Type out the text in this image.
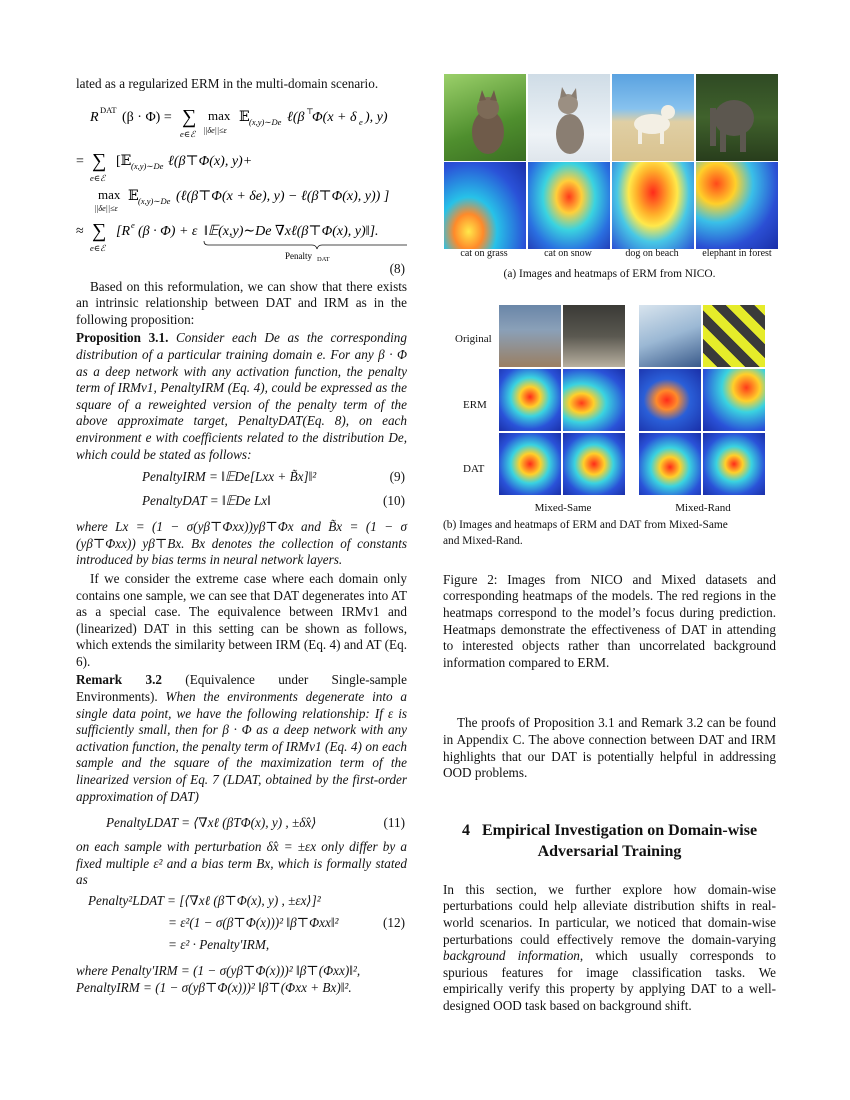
lated as a regularized ERM in the multi-domain scenario.

R DAT (β · Φ) = ∑
e∈ℰ
max
||δe||≤ε
𝔼 (x,y)∼De ℓ(β ⊤
Φ(x + δ e ), y)
= ∑
e∈ℰ
[𝔼 (x,y)∼De ℓ(β⊤Φ(x), y)+
max
||δe||≤ε
𝔼 (x,y)∼De (ℓ(β⊤Φ(x + δe), y) − ℓ(β⊤Φ(x), y)) ]
≈ ∑
e∈ℰ
[R e (β · Φ) + ε ‖𝔼(x,y)∼De ∇xℓ(β⊤Φ(x), y)‖].
Penalty DAT
(8)

Based on this reformulation, we can show that there exists an intrinsic relationship between DAT and IRM as in the following proposition:

Proposition 3.1. Consider each De as the corresponding distribution of a particular training domain e. For any β · Φ as a deep network with any activation function, the penalty term of IRMv1, PenaltyIRM (Eq. 4), could be expressed as the square of a reweighted version of the penalty term of the above approximate target, PenaltyDAT(Eq. 8), on each environment e with coefficients related to the distribution De, which could be stated as follows:

PenaltyIRM = ‖𝔼De[Lxx + B̃x]‖²	(9)
PenaltyDAT = ‖𝔼De Lx‖	(10)

where Lx = (1 − σ(yβ⊤Φxx))yβ⊤Φx and B̃x = (1 − σ (yβ⊤Φxx)) yβ⊤Bx. Bx denotes the collection of constants introduced by bias terms in neural network layers.

If we consider the extreme case where each domain only contains one sample, we can see that DAT degenerates into AT as a special case. The equivalence between IRMv1 and (linearized) DAT in this setting can be shown as follows, which extends the similarity between IRM (Eq. 4) and AT (Eq. 6).

Remark 3.2 (Equivalence under Single-sample Environments). When the environments degenerate into a single data point, we have the following relationship: If ε is sufficiently small, then for β · Φ as a deep network with any activation function, the penalty term of IRMv1 (Eq. 4) on each sample and the square of the maximization term of the linearized version of Eq. 7 (LDAT, obtained by the first-order approximation of DAT)

PenaltyLDAT = ⟨∇xℓ (βTΦ(x), y) , ±δ̂x⟩	(11)

on each sample with perturbation δ̂x = ±εx only differ by a fixed multiple ε² and a bias term Bx, which is formally stated as

Penalty²LDAT = [⟨∇xℓ (β⊤Φ(x), y) , ±εx⟩]²
= ε²(1 − σ(β⊤Φ(x)))² ‖β⊤Φxx‖²
= ε² · Penalty′IRM,
(12)

where Penalty′IRM = (1 − σ(yβ⊤Φ(x)))² ‖β⊤(Φxx)‖²,

PenaltyIRM = (1 − σ(yβ⊤Φ(x)))² ‖β⊤(Φxx + Bx)‖².

cat on grass	cat on snow	dog on beach	elephant in forest
(a) Images and heatmaps of ERM from NICO.
Original
ERM
DAT
Mixed-Same	Mixed-Rand
(b) Images and heatmaps of ERM and DAT from Mixed-Same and Mixed-Rand.

Figure 2: Images from NICO and Mixed datasets and corresponding heatmaps of the models. The red regions in the heatmaps correspond to the model’s focus during prediction. Heatmaps demonstrate the effectiveness of DAT in attending to interested objects rather than uncorrelated background information compared to ERM.

The proofs of Proposition 3.1 and Remark 3.2 can be found in Appendix C. The above connection between DAT and IRM highlights that our DAT is potentially helpful in addressing OOD problems.

4 Empirical Investigation on Domain-wise
Adversarial Training

In this section, we further explore how domain-wise perturbations could help alleviate distribution shifts in real-world scenarios. In particular, we noticed that domain-wise perturbations could effectively remove the domain-varying background information, which usually corresponds to spurious features for image classification tasks. We empirically verify this property by applying DAT to a well-designed OOD task based on background shift.
